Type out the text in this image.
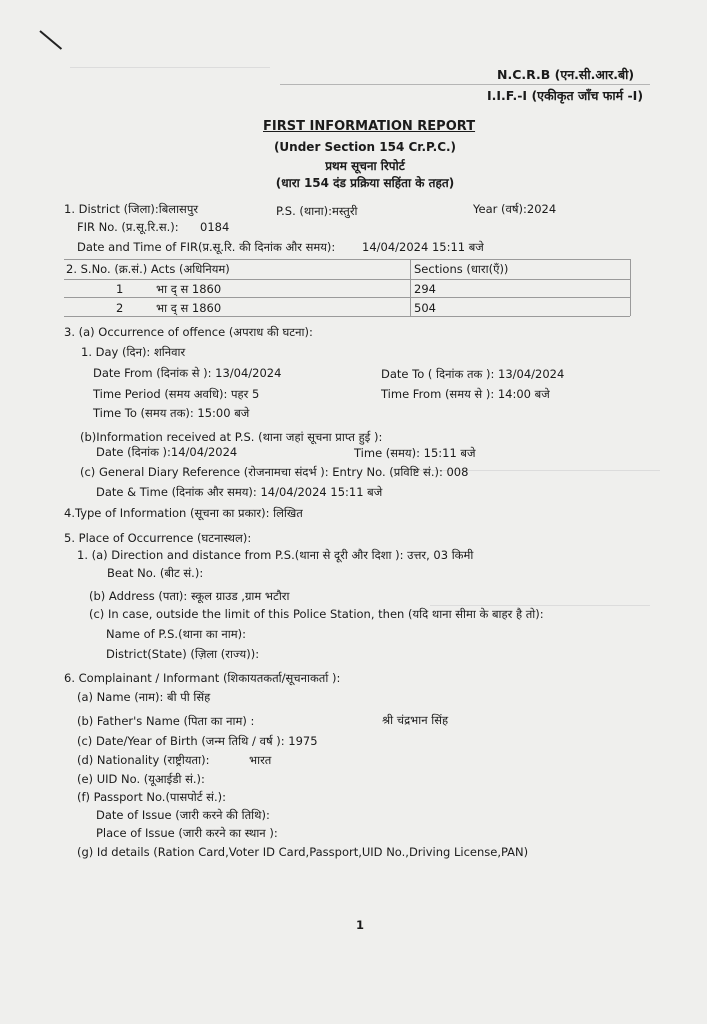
N.C.R.B (एन.सी.आर.बी)
I.I.F.-I (एकीकृत जाँच फार्म -I)
FIRST INFORMATION REPORT
(Under Section 154 Cr.P.C.)
प्रथम सूचना रिपोर्ट
(धारा 154 दंड प्रक्रिया सहिंता के तहत)
1. District (जिला):बिलासपुर	P.S. (थाना):मस्तुरी	Year (वर्ष):2024
FIR No. (प्र.सू.रि.स.): 0184
Date and Time of FIR(प्र.सू.रि. की दिनांक और समय): 14/04/2024 15:11 बजे
2. S.No. (क्र.सं.) Acts (अधिनियम)	Sections (धारा(एँ))
1	भा द् स 1860	294
2	भा द् स 1860	504
3. (a) Occurrence of offence (अपराध की घटना):
1. Day (दिन): शनिवार
Date From (दिनांक से ): 13/04/2024	Date To ( दिनांक तक ): 13/04/2024
Time Period (समय अवधि): पहर 5	Time From (समय से ): 14:00 बजे
Time To (समय तक): 15:00 बजे
(b)Information received at P.S. (थाना जहां सूचना प्राप्त हुई ):
Date (दिनांक ):14/04/2024	Time (समय): 15:11 बजे
(c) General Diary Reference (रोजनामचा संदर्भ ): Entry No. (प्रविष्टि सं.): 008
Date & Time (दिनांक और समय): 14/04/2024 15:11 बजे
4.Type of Information (सूचना का प्रकार): लिखित
5. Place of Occurrence (घटनास्थल):
1. (a) Direction and distance from P.S.(थाना से दूरी और दिशा ): उत्तर, 03 किमी
Beat No. (बीट सं.):
(b) Address (पता): स्कूल ग्राउड ,ग्राम भटौरा
(c) In case, outside the limit of this Police Station, then (यदि थाना सीमा के बाहर है तो):
Name of P.S.(थाना का नाम):
District(State) (ज़िला (राज्य)):
6. Complainant / Informant (शिकायतकर्ता/सूचनाकर्ता ):
(a) Name (नाम): बी पी सिंह
(b) Father's Name (पिता का नाम) :	श्री चंद्रभान सिंह
(c) Date/Year of Birth (जन्म तिथि / वर्ष ): 1975
(d) Nationality (राष्ट्रीयता):	भारत
(e) UID No. (यूआईडी सं.):
(f) Passport No.(पासपोर्ट सं.):
Date of Issue (जारी करने की तिथि):
Place of Issue (जारी करने का स्थान ):
(g) Id details (Ration Card,Voter ID Card,Passport,UID No.,Driving License,PAN)
1
